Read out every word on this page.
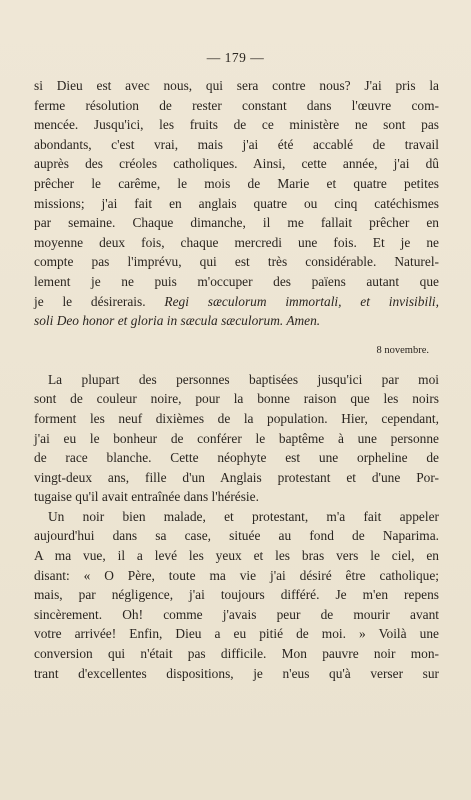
— 179 —
si Dieu est avec nous, qui sera contre nous? J'ai pris la
ferme résolution de rester constant dans l'œuvre com-
mencée. Jusqu'ici, les fruits de ce ministère ne sont pas
abondants, c'est vrai, mais j'ai été accablé de travail
auprès des créoles catholiques. Ainsi, cette année, j'ai dû
prêcher le carême, le mois de Marie et quatre petites
missions; j'ai fait en anglais quatre ou cinq catéchismes
par semaine. Chaque dimanche, il me fallait prêcher en
moyenne deux fois, chaque mercredi une fois. Et je ne
compte pas l'imprévu, qui est très considérable. Naturel-
lement je ne puis m'occuper des païens autant que
je le désirerais. Regi sæculorum immortali, et invisibili,
soli Deo honor et gloria in sæcula sæculorum. Amen.
8 novembre.
La plupart des personnes baptisées jusqu'ici par moi
sont de couleur noire, pour la bonne raison que les noirs
forment les neuf dixièmes de la population. Hier, cependant,
j'ai eu le bonheur de conférer le baptême à une personne
de race blanche. Cette néophyte est une orpheline de
vingt-deux ans, fille d'un Anglais protestant et d'une Por-
tugaise qu'il avait entraînée dans l'hérésie.
Un noir bien malade, et protestant, m'a fait appeler
aujourd'hui dans sa case, située au fond de Naparima.
A ma vue, il a levé les yeux et les bras vers le ciel, en
disant: « O Père, toute ma vie j'ai désiré être catholique;
mais, par négligence, j'ai toujours différé. Je m'en repens
sincèrement. Oh! comme j'avais peur de mourir avant
votre arrivée! Enfin, Dieu a eu pitié de moi. » Voilà une
conversion qui n'était pas difficile. Mon pauvre noir mon-
trant d'excellentes dispositions, je n'eus qu'à verser sur
